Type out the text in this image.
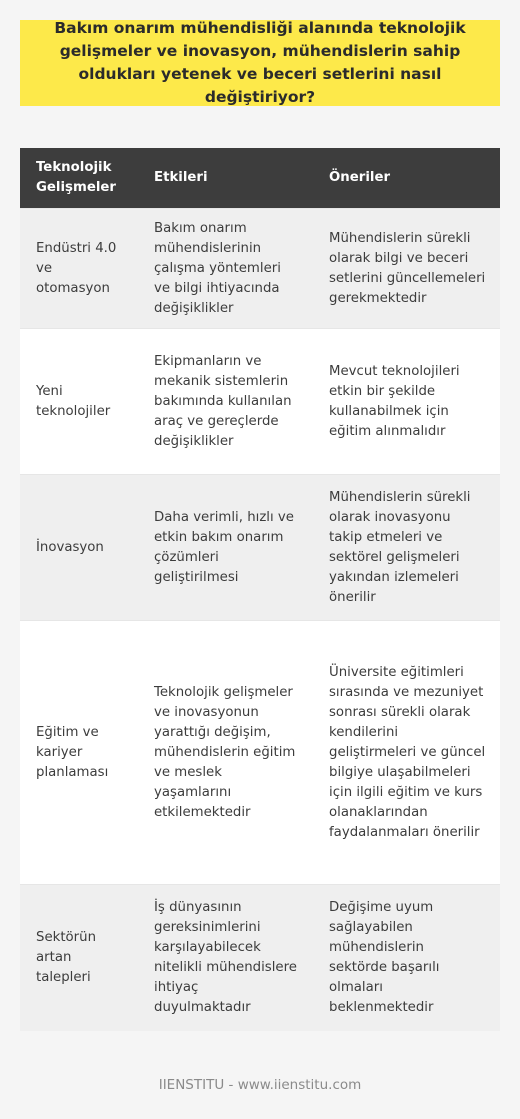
Bakım onarım mühendisliği alanında teknolojik gelişmeler ve inovasyon, mühendislerin sahip oldukları yetenek ve beceri setlerini nasıl değiştiriyor?
Teknolojik Gelişmeler	Etkileri	Öneriler
Endüstri 4.0 ve otomasyon	Bakım onarım mühendislerinin çalışma yöntemleri ve bilgi ihtiyacında değişiklikler	Mühendislerin sürekli olarak bilgi ve beceri setlerini güncellemeleri gerekmektedir
Yeni teknolojiler	Ekipmanların ve mekanik sistemlerin bakımında kullanılan araç ve gereçlerde değişiklikler	Mevcut teknolojileri etkin bir şekilde kullanabilmek için eğitim alınmalıdır
İnovasyon	Daha verimli, hızlı ve etkin bakım onarım çözümleri geliştirilmesi	Mühendislerin sürekli olarak inovasyonu takip etmeleri ve sektörel gelişmeleri yakından izlemeleri önerilir
Eğitim ve kariyer planlaması	Teknolojik gelişmeler ve inovasyonun yarattığı değişim, mühendislerin eğitim ve meslek yaşamlarını etkilemektedir	Üniversite eğitimleri sırasında ve mezuniyet sonrası sürekli olarak kendilerini geliştirmeleri ve güncel bilgiye ulaşabilmeleri için ilgili eğitim ve kurs olanaklarından faydalanmaları önerilir
Sektörün artan talepleri	İş dünyasının gereksinimlerini karşılayabilecek nitelikli mühendislere ihtiyaç duyulmaktadır	Değişime uyum sağlayabilen mühendislerin sektörde başarılı olmaları beklenmektedir
IIENSTITU - www.iienstitu.com
